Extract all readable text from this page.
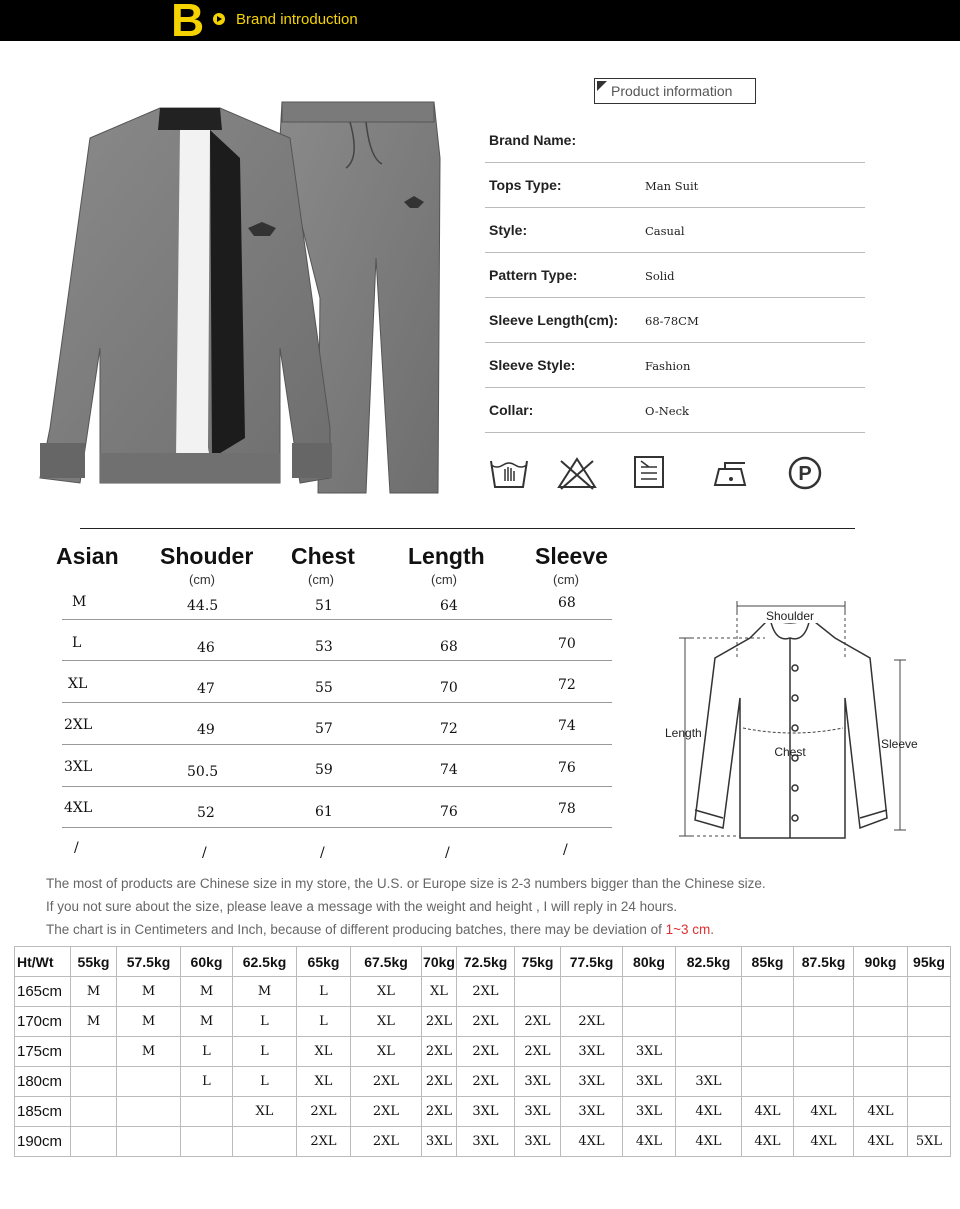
B Brand introduction
Product information
Brand Name:
Tops Type:	Man Suit
Style:	Casual
Pattern Type:	Solid
Sleeve Length(cm): 68-78CM
Sleeve Style:	Fashion
Collar:	O-Neck
P
Asian Shouder Chest Length Sleeve
(cm)	(cm)	(cm)	(cm)
M	44.5	51	64	68
L	46	53	68	70
XL	47	55	70	72
2XL	49	57	72	74
3XL	50.5	59	74	76
4XL	52	61	76	78
/	/	/	/	/
Shoulder
Length
Chest
Sleeve
The most of products are Chinese size in my store, the U.S. or Europe size is 2-3 numbers bigger than the Chinese size.
If you not sure about the size, please leave a message with the weight and height , I will reply in 24 hours.
The chart is in Centimeters and Inch, because of different producing batches, there may be deviation of 1~3 cm.
Ht/Wt	55kg	57.5kg	60kg	62.5kg	65kg	67.5kg	70kg	72.5kg	75kg	77.5kg	80kg	82.5kg	85kg	87.5kg	90kg	95kg
165cm	M	M	M	M	L	XL	XL	2XL								
170cm	M	M	M	L	L	XL	2XL	2XL	2XL	2XL						
175cm		M	L	L	XL	XL	2XL	2XL	2XL	3XL	3XL					
180cm			L	L	XL	2XL	2XL	2XL	3XL	3XL	3XL	3XL				
185cm				XL	2XL	2XL	2XL	3XL	3XL	3XL	3XL	4XL	4XL	4XL	4XL	
190cm					2XL	2XL	3XL	3XL	3XL	4XL	4XL	4XL	4XL	4XL	4XL	5XL
